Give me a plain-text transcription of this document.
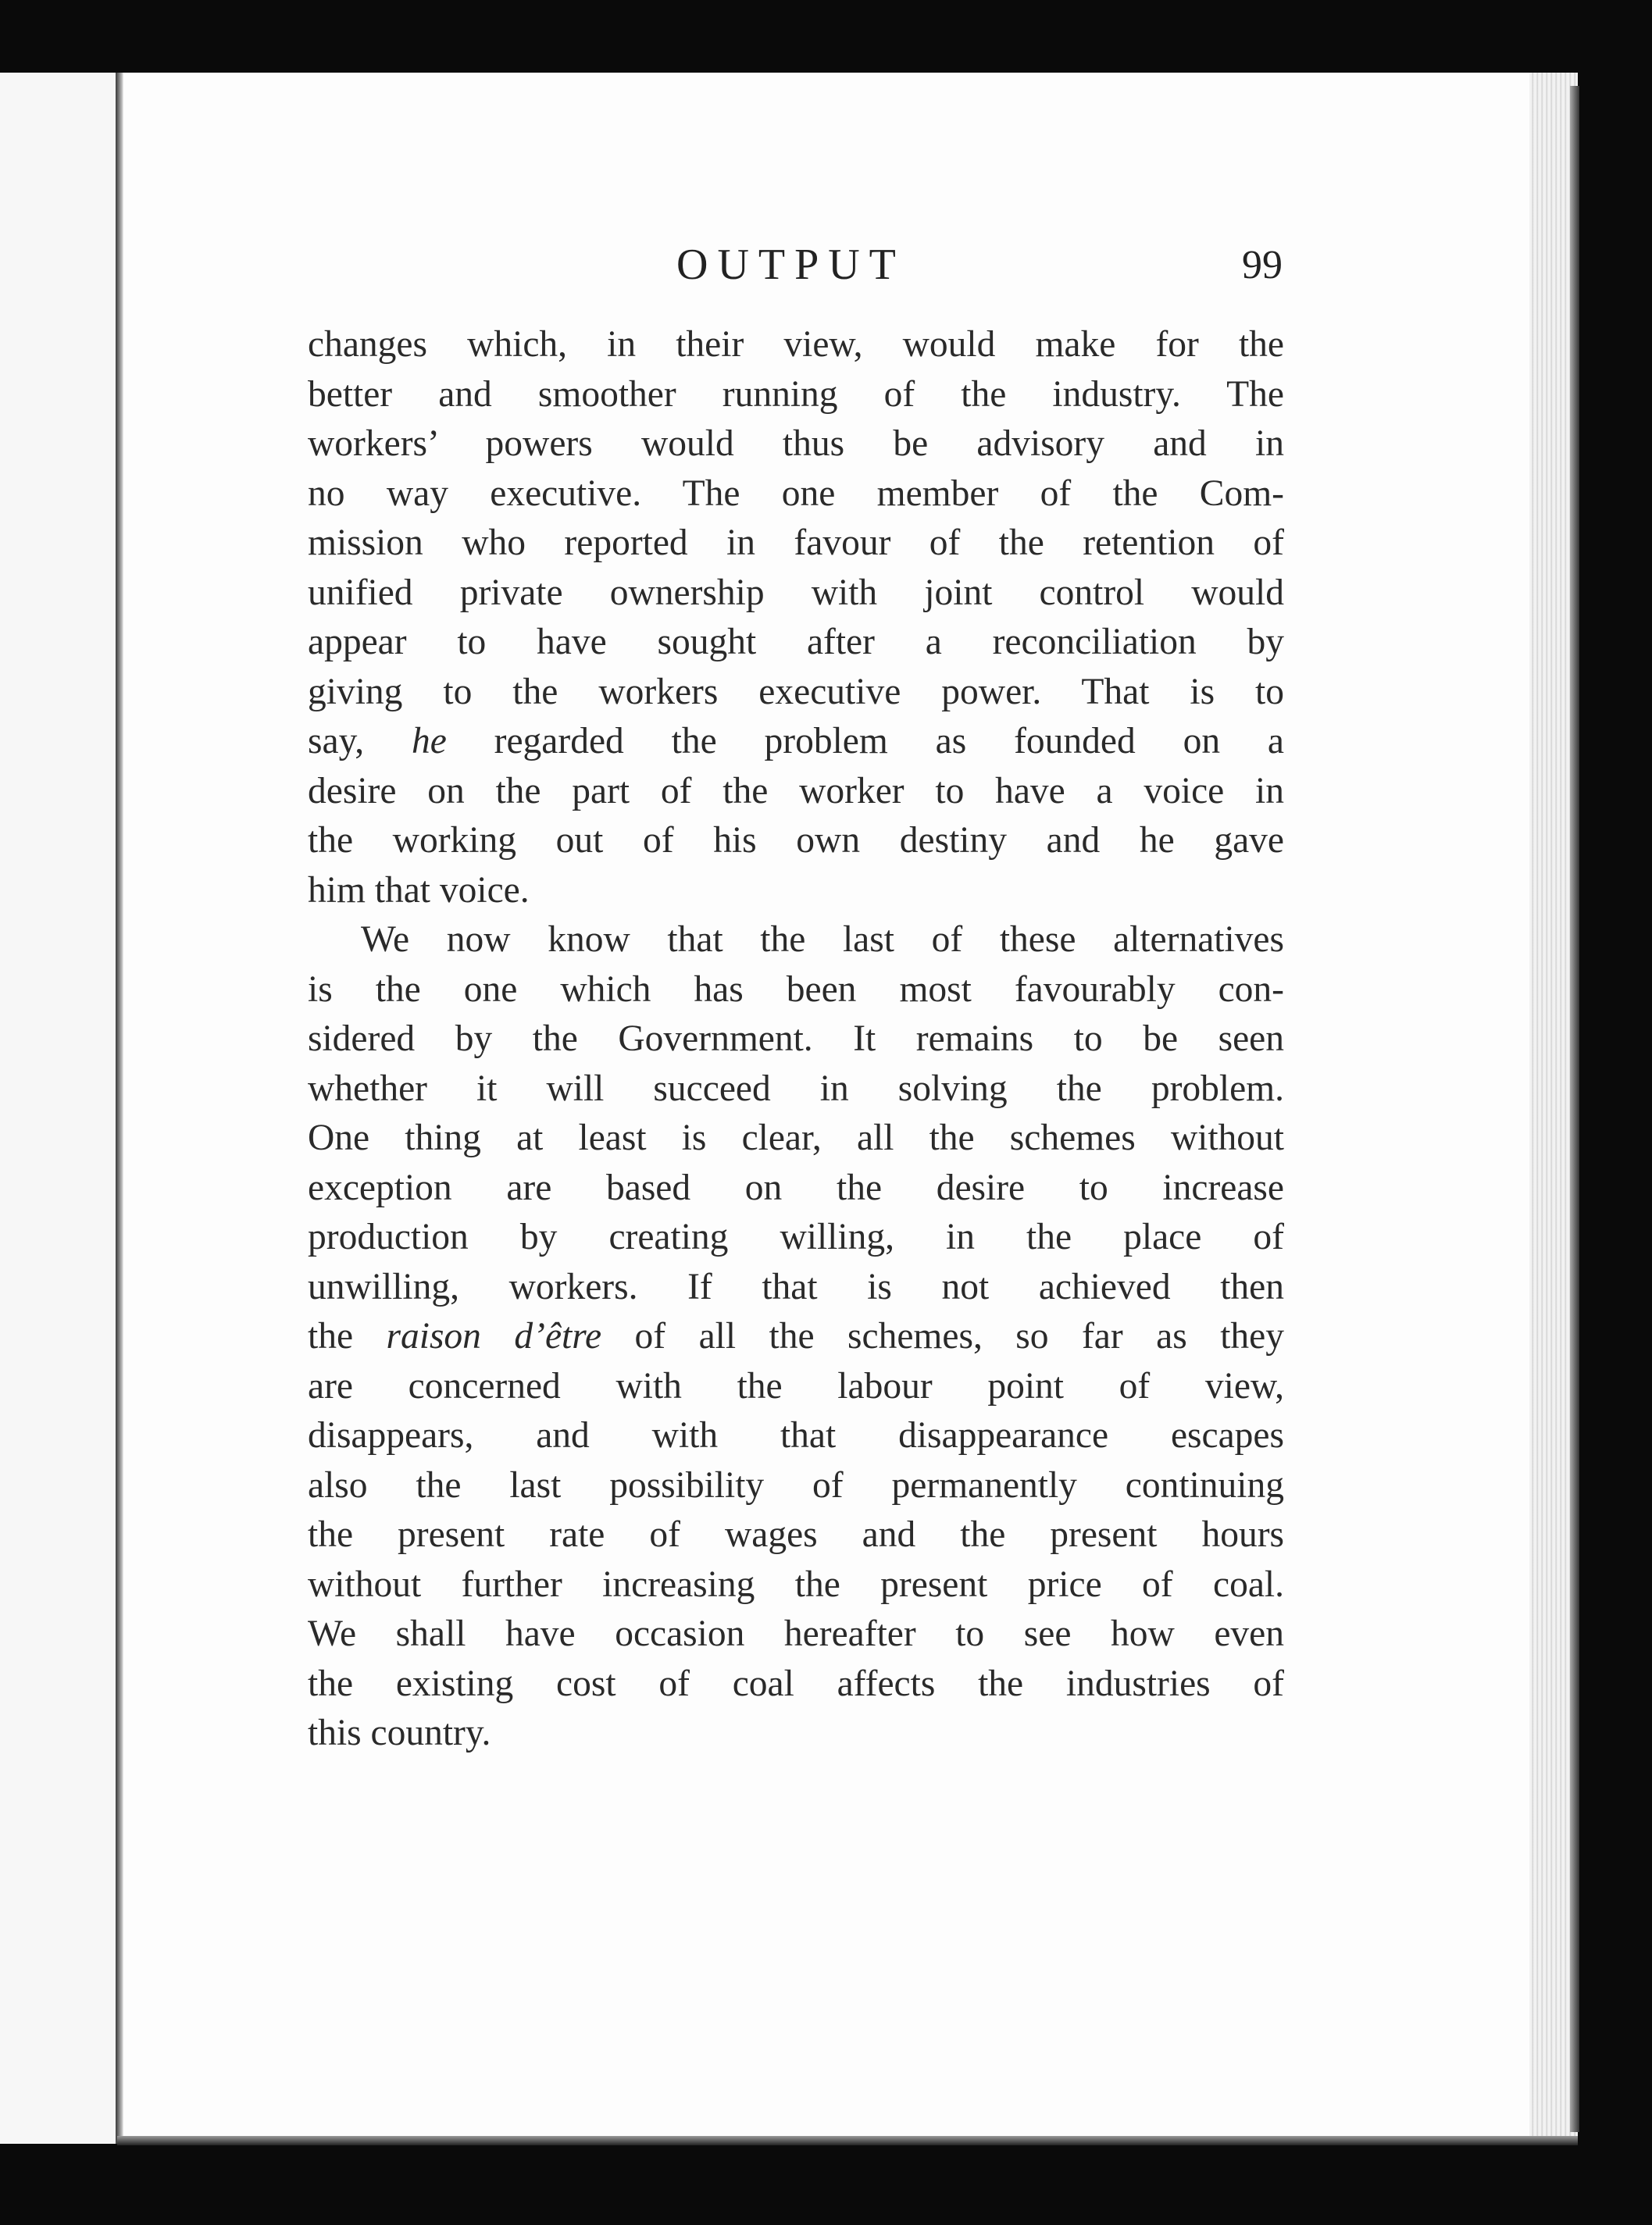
OUTPUT	99
changes which, in their view, would make for the
better and smoother running of the industry. The
workers’ powers would thus be advisory and in
no way executive. The one member of the Com-
mission who reported in favour of the retention of
unified private ownership with joint control would
appear to have sought after a reconciliation by
giving to the workers executive power. That is to
say, he regarded the problem as founded on a
desire on the part of the worker to have a voice in
the working out of his own destiny and he gave
him that voice.
We now know that the last of these alternatives
is the one which has been most favourably con-
sidered by the Government. It remains to be seen
whether it will succeed in solving the problem.
One thing at least is clear, all the schemes without
exception are based on the desire to increase
production by creating willing, in the place of
unwilling, workers. If that is not achieved then
the raison d’être of all the schemes, so far as they
are concerned with the labour point of view,
disappears, and with that disappearance escapes
also the last possibility of permanently continuing
the present rate of wages and the present hours
without further increasing the present price of coal.
We shall have occasion hereafter to see how even
the existing cost of coal affects the industries of
this country.
